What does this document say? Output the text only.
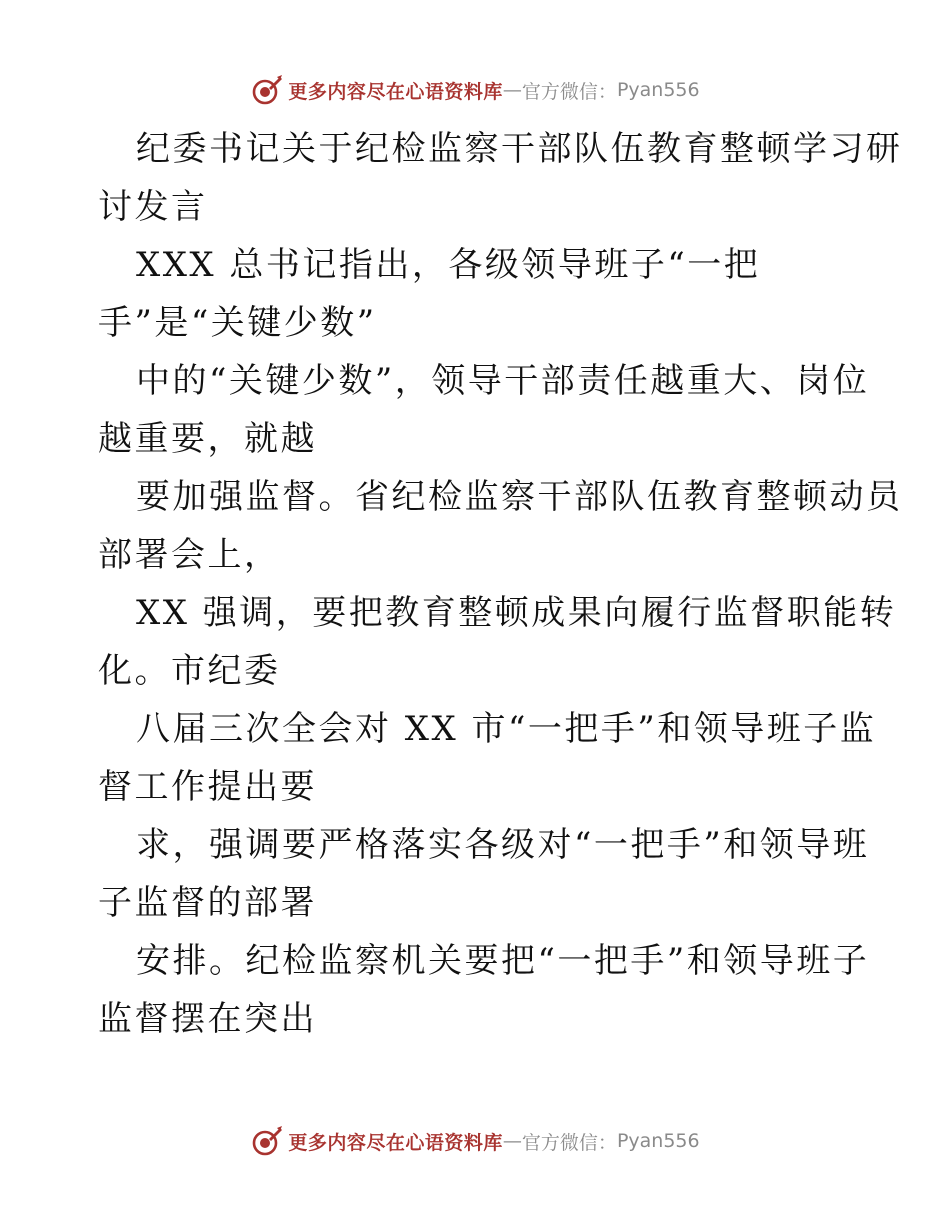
更多内容尽在心语资料库 — 官方微信： Pyan556
纪委书记关于纪检监察干部队伍教育整顿学习研
讨发言
XXX 总书记指出，各级领导班子“一把
手”是“关键少数”
中的“关键少数”，领导干部责任越重大、岗位
越重要，就越
要加强监督。省纪检监察干部队伍教育整顿动员
部署会上，
XX 强调，要把教育整顿成果向履行监督职能转
化。市纪委
八届三次全会对 XX 市“一把手”和领导班子监
督工作提出要
求，强调要严格落实各级对“一把手”和领导班
子监督的部署
安排。纪检监察机关要把“一把手”和领导班子
监督摆在突出
更多内容尽在心语资料库 — 官方微信： Pyan556
